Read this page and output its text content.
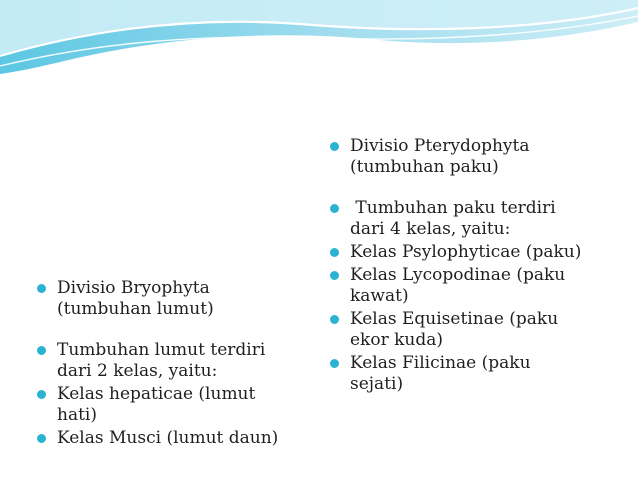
Divisio Bryophyta
(tumbuhan lumut)
Tumbuhan lumut terdiri
dari 2 kelas, yaitu:
Kelas hepaticae (lumut
hati)
Kelas Musci (lumut daun)
Divisio Pterydophyta
(tumbuhan paku)
Tumbuhan paku terdiri
dari 4 kelas, yaitu:
Kelas Psylophyticae (paku)
Kelas Lycopodinae (paku
kawat)
Kelas Equisetinae (paku
ekor kuda)
Kelas Filicinae (paku
sejati)
